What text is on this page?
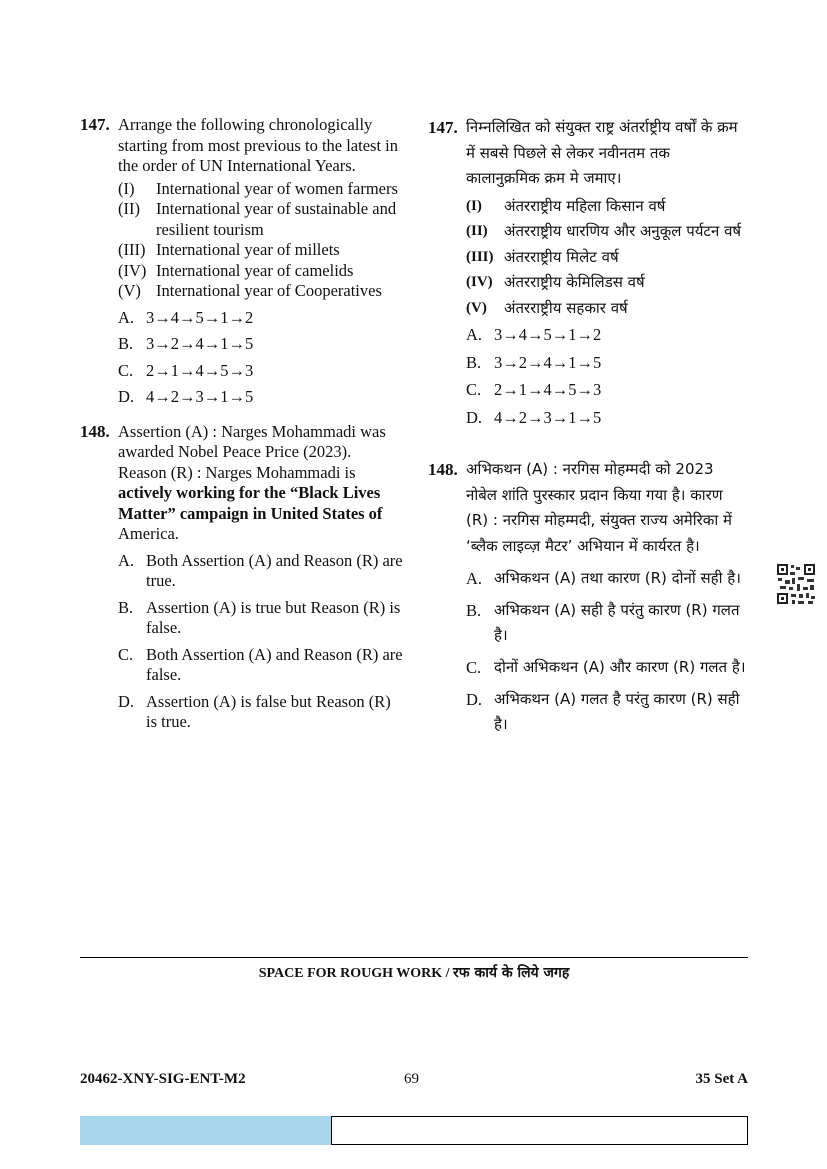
147. Arrange the following chronologically starting from most previous to the latest in the order of UN International Years.
(I) International year of women farmers
(II) International year of sustainable and resilient tourism
(III) International year of millets
(IV) International year of camelids
(V) International year of Cooperatives
A. 3→4→5→1→2
B. 3→2→4→1→5
C. 2→1→4→5→3
D. 4→2→3→1→5
148. Assertion (A) : Narges Mohammadi was awarded Nobel Peace Price (2023).
Reason (R) : Narges Mohammadi is actively working for the “Black Lives Matter” campaign in United States of America.
A. Both Assertion (A) and Reason (R) are true.
B. Assertion (A) is true but Reason (R) is false.
C. Both Assertion (A) and Reason (R) are false.
D. Assertion (A) is false but Reason (R) is true.
147. निम्नलिखित को संयुक्त राष्ट्र अंतर्राष्ट्रीय वर्षों के क्रम में सबसे पिछले से लेकर नवीनतम तक कालानुक्रमिक क्रम मे जमाए।
(I) अंतरराष्ट्रीय महिला किसान वर्ष
(II) अंतरराष्ट्रीय धारणिय और अनुकूल पर्यटन वर्ष
(III) अंतरराष्ट्रीय मिलेट वर्ष
(IV) अंतरराष्ट्रीय केमिलिडस वर्ष
(V) अंतरराष्ट्रीय सहकार वर्ष
A. 3→4→5→1→2
B. 3→2→4→1→5
C. 2→1→4→5→3
D. 4→2→3→1→5
148. अभिकथन (A) : नरगिस मोहम्मदी को 2023 नोबेल शांति पुरस्कार प्रदान किया गया है। कारण (R) : नरगिस मोहम्मदी, संयुक्त राज्य अमेरिका में ‘ब्लैक लाइव्ज़ मैटर’ अभियान में कार्यरत है।
A. अभिकथन (A) तथा कारण (R) दोनों सही है।
B. अभिकथन (A) सही है परंतु कारण (R) गलत है।
C. दोनों अभिकथन (A) और कारण (R) गलत है।
D. अभिकथन (A) गलत है परंतु कारण (R) सही है।
SPACE FOR ROUGH WORK / रफ कार्य के लिये जगह
20462-XNY-SIG-ENT-M2	69	35 Set A
